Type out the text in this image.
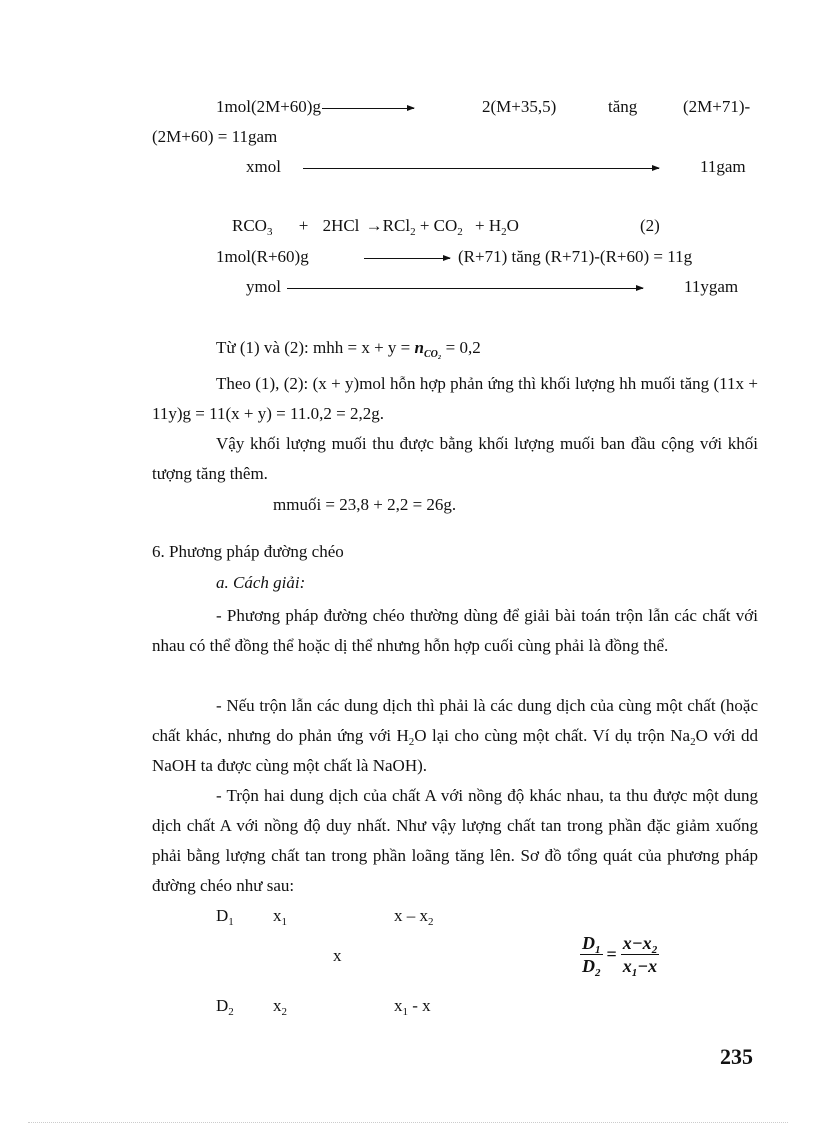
1mol(2M+60)g	2(M+35,5)	tăng	(2M+71)-
(2M+60) = 11gam
xmol	11gam
$RCO_3 + 2HCl \to RCl_2 + CO_2 + H_2O$	(2)
1mol(R+60)g	(R+71) tăng (R+71)-(R+60) = 11g
ymol	11ygam
Từ (1) và (2): mhh = $x + y = n_{CO_2} = 0,2$
Theo (1), (2): (x + y)mol hỗn hợp phản ứng thì khối lượng hh muối tăng (11x + 11y)g = 11(x + y) = 11.0,2 = 2,2g.
Vậy khối lượng muối thu được bằng khối lượng muối ban đầu cộng với khối tượng tăng thêm.
mmuối = 23,8 + 2,2 = 26g.
6. Phương pháp đường chéo
a. Cách giải:
- Phương pháp đường chéo thường dùng để giải bài toán trộn lẫn các chất với nhau có thể đồng thể hoặc dị thể nhưng hỗn hợp cuối cùng phải là đồng thể.
- Nếu trộn lẫn các dung dịch thì phải là các dung dịch của cùng một chất (hoặc chất khác, nhưng do phản ứng với $H_2O$ lại cho cùng một chất. Ví dụ trộn $Na_2O$ với dd NaOH ta được cùng một chất là NaOH).
- Trộn hai dung dịch của chất A với nồng độ khác nhau, ta thu được một dung dịch chất A với nồng độ duy nhất. Như vậy lượng chất tan trong phần đặc giảm xuống phải bằng lượng chất tan trong phần loãng tăng lên. Sơ đồ tổng quát của phương pháp đường chéo như sau:
$D_1$ $x_1$	x – $x_2$
x
$D_2$ $x_2$	$x_1$ - x
$\frac{D_1}{D_2} = \frac{x-x_2}{x_1-x}$
235
